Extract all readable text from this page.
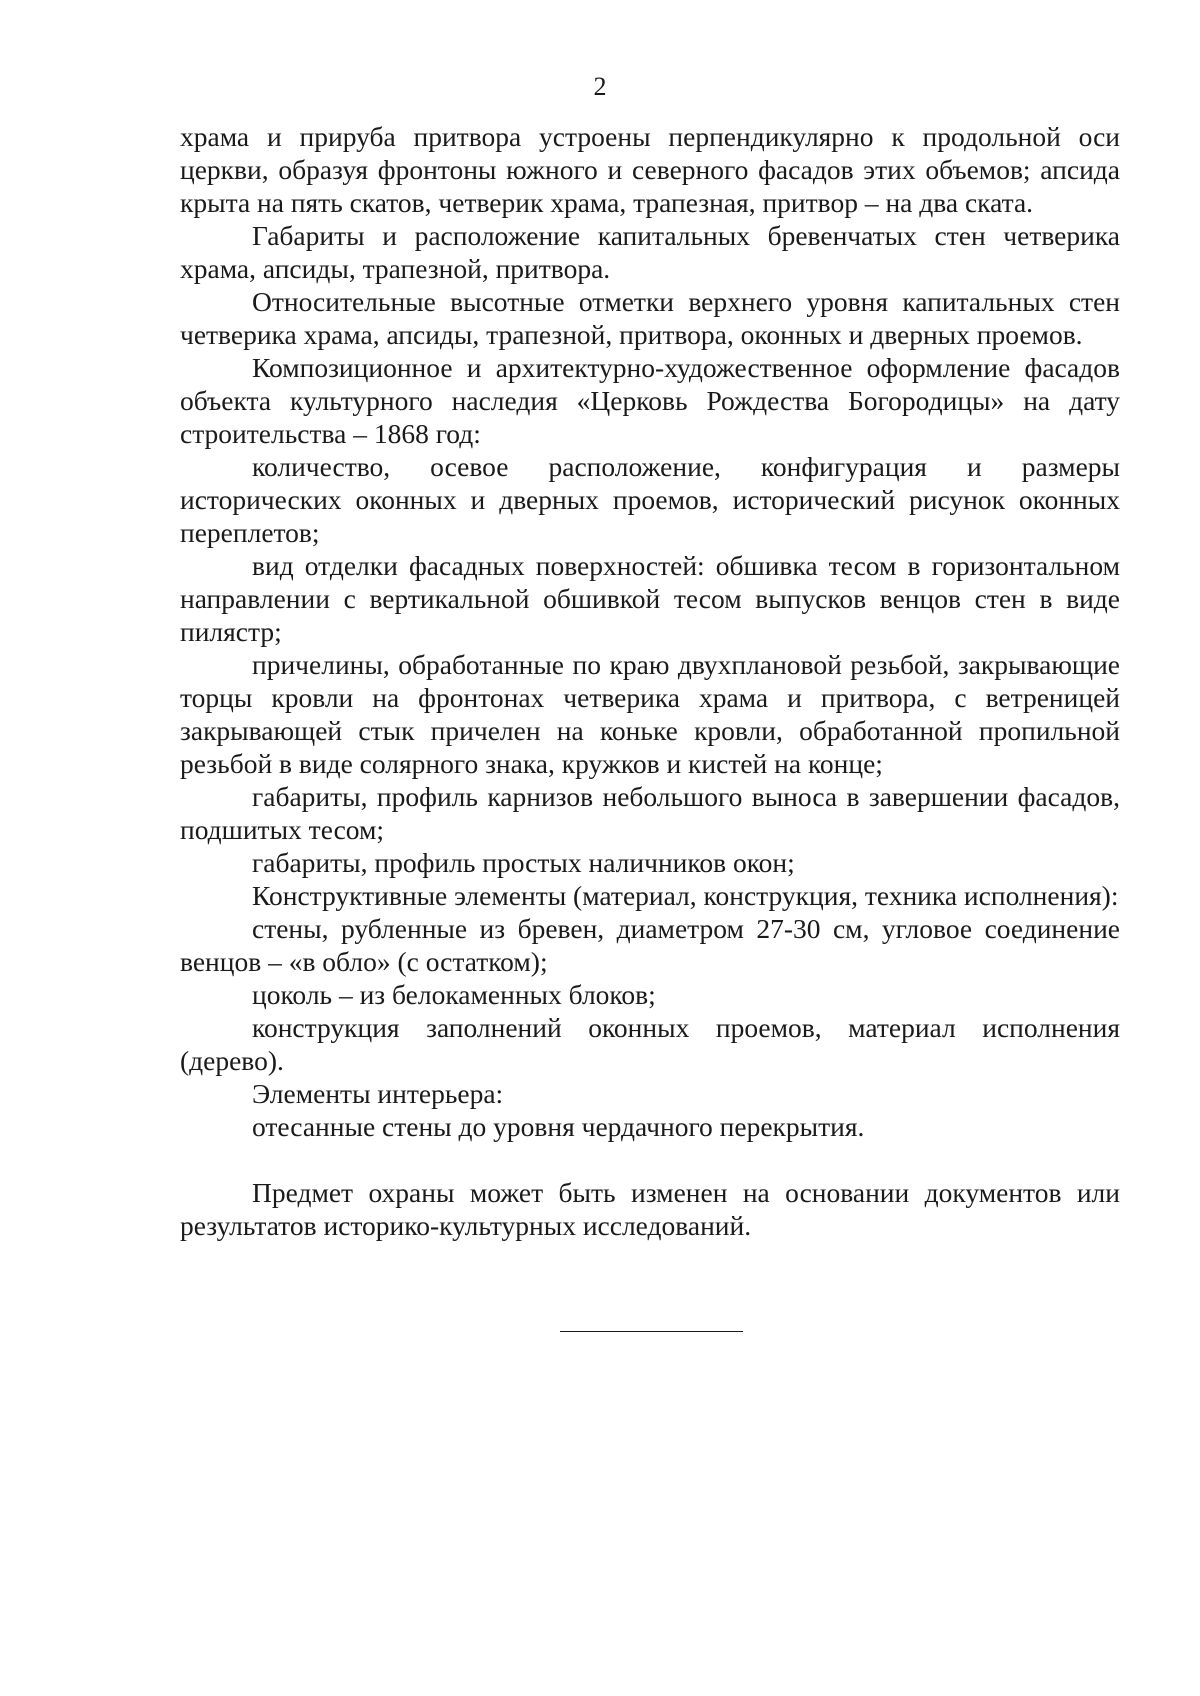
2

храма и прируба притвора устроены перпендикулярно к продольной оси церкви, образуя фронтоны южного и северного фасадов этих объемов; апсида крыта на пять скатов, четверик храма, трапезная, притвор – на два ската.

Габариты и расположение капитальных бревенчатых стен четверика храма, апсиды, трапезной, притвора.

Относительные высотные отметки верхнего уровня капитальных стен четверика храма, апсиды, трапезной, притвора, оконных и дверных проемов.

Композиционное и архитектурно-художественное оформление фасадов объекта культурного наследия «Церковь Рождества Богородицы» на дату строительства – 1868 год:

количество, осевое расположение, конфигурация и размеры исторических оконных и дверных проемов, исторический рисунок оконных переплетов;

вид отделки фасадных поверхностей: обшивка тесом в горизонтальном направлении с вертикальной обшивкой тесом выпусков венцов стен в виде пилястр;

причелины, обработанные по краю двухплановой резьбой, закрывающие торцы кровли на фронтонах четверика храма и притвора, с ветреницей закрывающей стык причелен на коньке кровли, обработанной пропильной резьбой в виде солярного знака, кружков и кистей на конце;

габариты, профиль карнизов небольшого выноса в завершении фасадов, подшитых тесом;

габариты, профиль простых наличников окон;

Конструктивные элементы (материал, конструкция, техника исполнения):

стены, рубленные из бревен, диаметром 27-30 см, угловое соединение венцов – «в обло» (с остатком);

цоколь – из белокаменных блоков;

конструкция заполнений оконных проемов, материал исполнения (дерево).

Элементы интерьера:

отесанные стены до уровня чердачного перекрытия.

Предмет охраны может быть изменен на основании документов или результатов историко-культурных исследований.
